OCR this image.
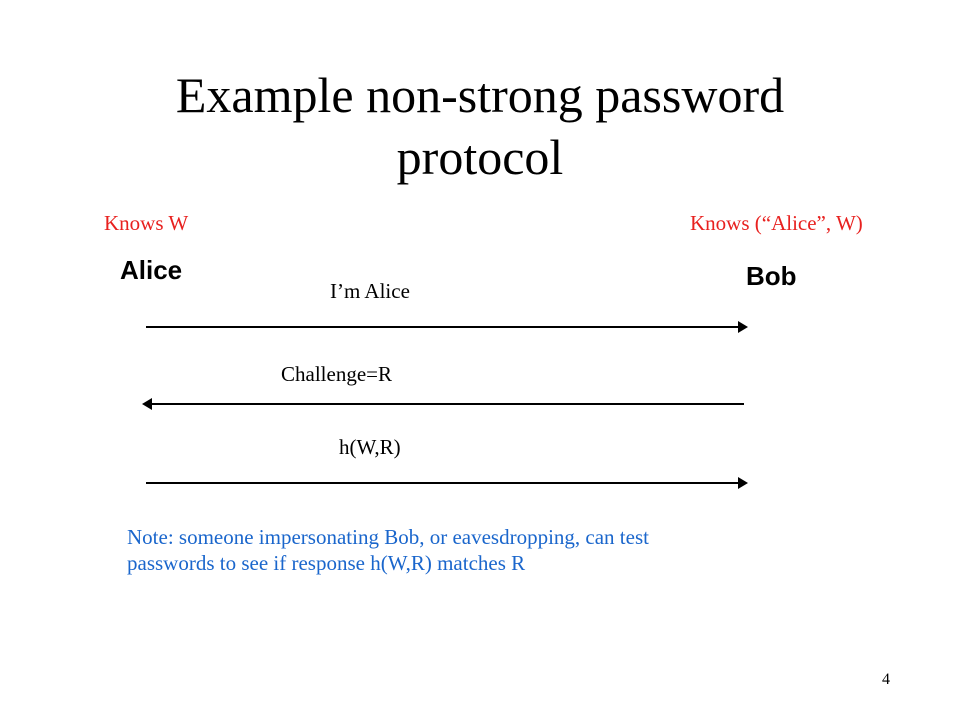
Example non-strong password
protocol
Knows W	Knows (“Alice”, W)
Alice	Bob
I’m Alice
Challenge=R
h(W,R)
Note: someone impersonating Bob, or eavesdropping, can test
passwords to see if response h(W,R) matches R
4
